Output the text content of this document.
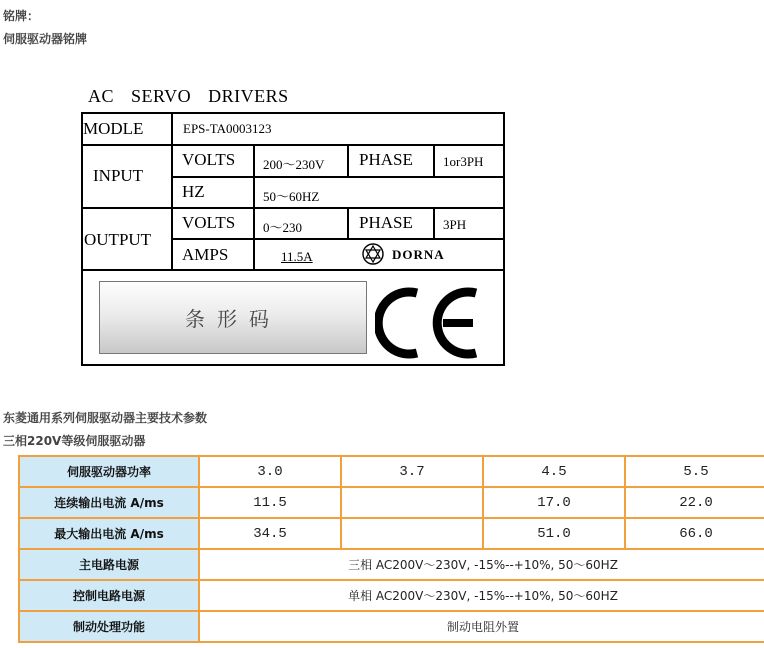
铭牌：
伺服驱动器铭牌
AC SERVO DRIVERS
MODLE	EPS-TA0003123
INPUT
VOLTS 200～230V PHASE 1or3PH
HZ	50～60HZ
OUTPUT
VOLTS 0～230	PHASE 3PH
AMPS	11.5A	DORNA
条形码
东菱通用系列伺服驱动器主要技术参数
三相220V等级伺服驱动器
伺服驱动器功率	3.0	3.7	4.5	5.5
连续输出电流 A/ms	11.5		17.0	22.0
最大输出电流 A/ms	34.5		51.0	66.0
主电路电源	三相 AC200V～230V, -15%--+10%, 50～60HZ			
控制电路电源	单相 AC200V～230V, -15%--+10%, 50～60HZ			
制动处理功能	制动电阻外置			
